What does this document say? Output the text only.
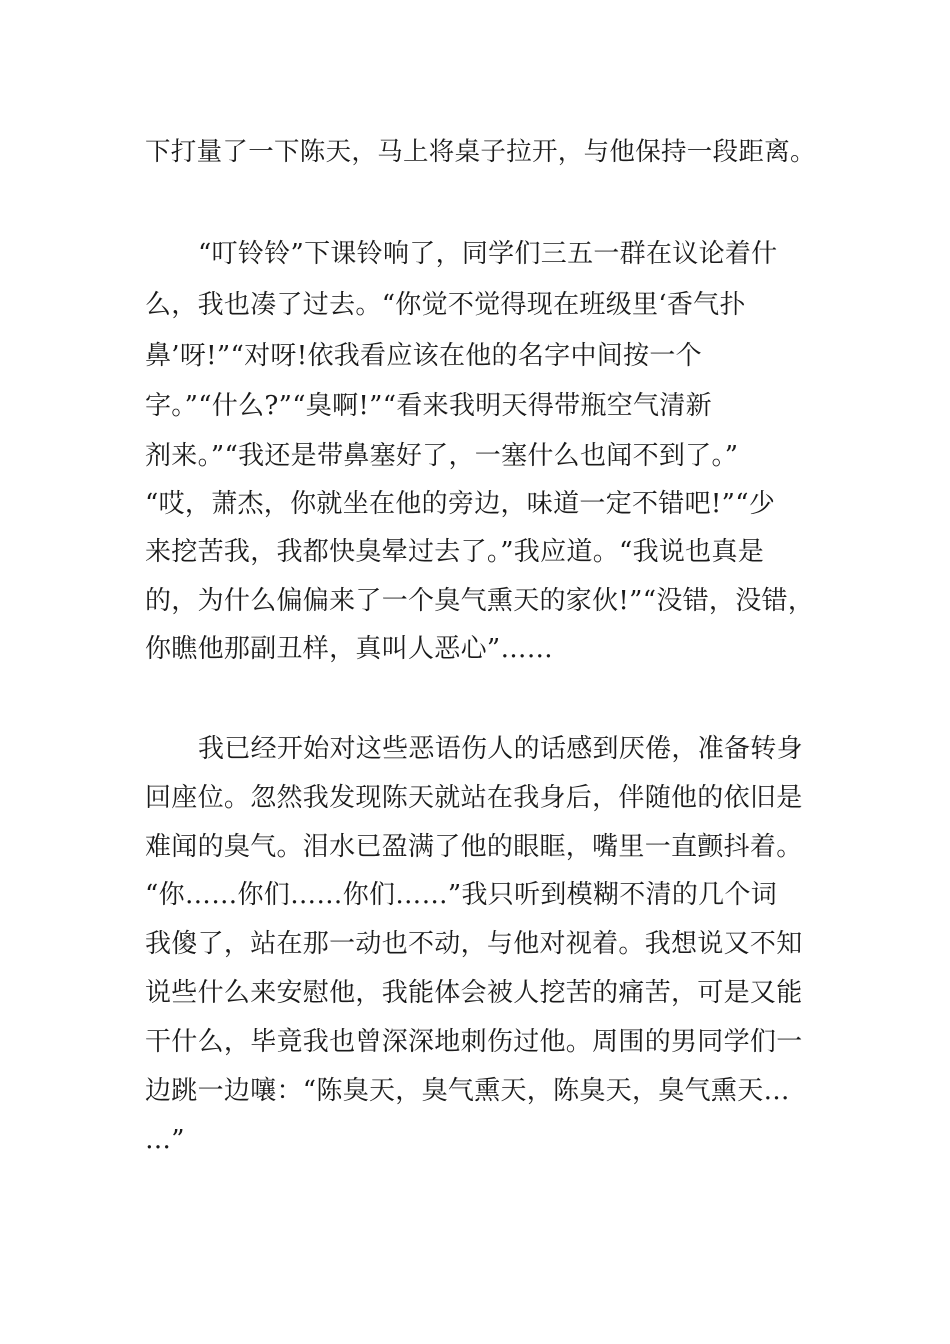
下打量了一下陈天，马上将桌子拉开，与他保持一段距离。
“叮铃铃”下课铃响了，同学们三五一群在议论着什
么，我也凑了过去。“你觉不觉得现在班级里‘香气扑
鼻’呀!”“对呀!依我看应该在他的名字中间按一个
字。”“什么?”“臭啊!”“看来我明天得带瓶空气清新
剂来。”“我还是带鼻塞好了，一塞什么也闻不到了。”
“哎，萧杰，你就坐在他的旁边，味道一定不错吧!”“少
来挖苦我，我都快臭晕过去了。”我应道。“我说也真是
的，为什么偏偏来了一个臭气熏天的家伙!”“没错，没错，
你瞧他那副丑样，真叫人恶心”……
我已经开始对这些恶语伤人的话感到厌倦，准备转身
回座位。忽然我发现陈天就站在我身后，伴随他的依旧是
难闻的臭气。泪水已盈满了他的眼眶，嘴里一直颤抖着。
“你……你们……你们……”我只听到模糊不清的几个词
我傻了，站在那一动也不动，与他对视着。我想说又不知
说些什么来安慰他，我能体会被人挖苦的痛苦，可是又能
干什么，毕竟我也曾深深地刺伤过他。周围的男同学们一
边跳一边嚷：“陈臭天，臭气熏天，陈臭天，臭气熏天…
…”
